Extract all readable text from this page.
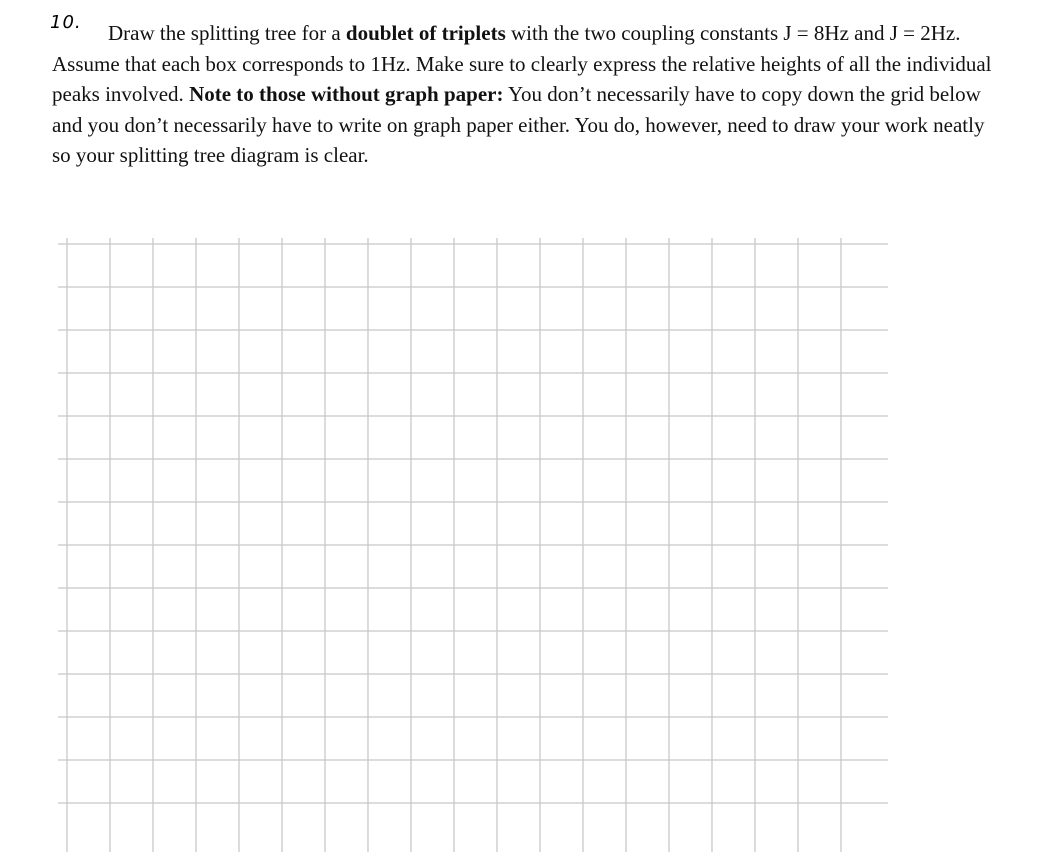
10.	Draw the splitting tree for a doublet of triplets with the two coupling constants J = 8Hz and J = 2Hz. Assume that each box corresponds to 1Hz. Make sure to clearly express the relative heights of all the individual peaks involved. Note to those without graph paper: You don’t necessarily have to copy down the grid below and you don’t necessarily have to write on graph paper either. You do, however, need to draw your work neatly so your splitting tree diagram is clear.
